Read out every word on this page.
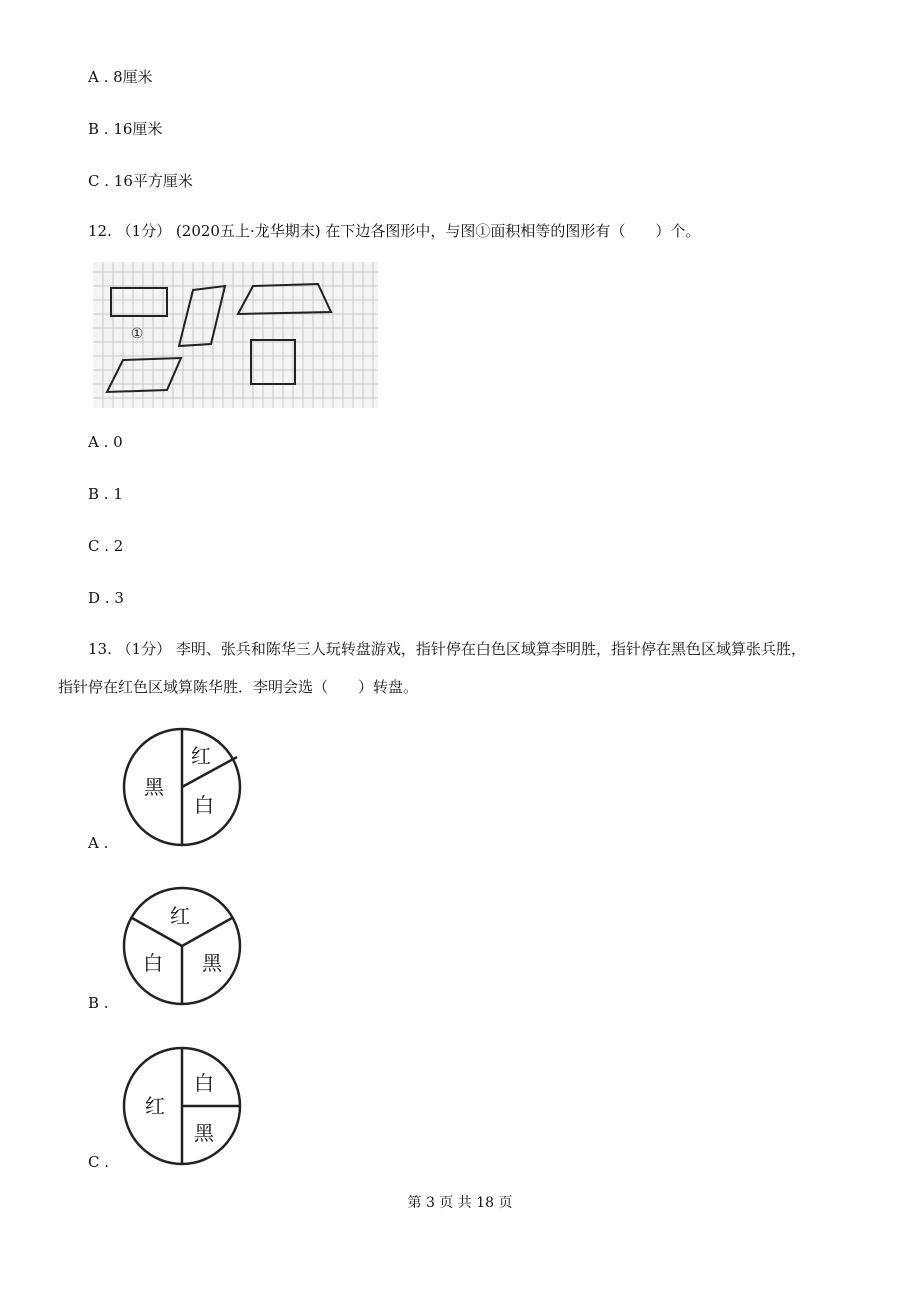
A . 8厘米
B . 16厘米
C . 16平方厘米
12. （1分） (2020五上·龙华期末) 在下边各图形中，与图①面积相等的图形有（　　）个。
①
A . 0
B . 1
C . 2
D . 3
13. （1分） 李明、张兵和陈华三人玩转盘游戏，指针停在白色区域算李明胜，指针停在黑色区域算张兵胜，
指针停在红色区域算陈华胜．李明会选（　　）转盘。
红
白
黑
A .
红
白 黑
B .
红
白
黑
C .
第 3 页 共 18 页
